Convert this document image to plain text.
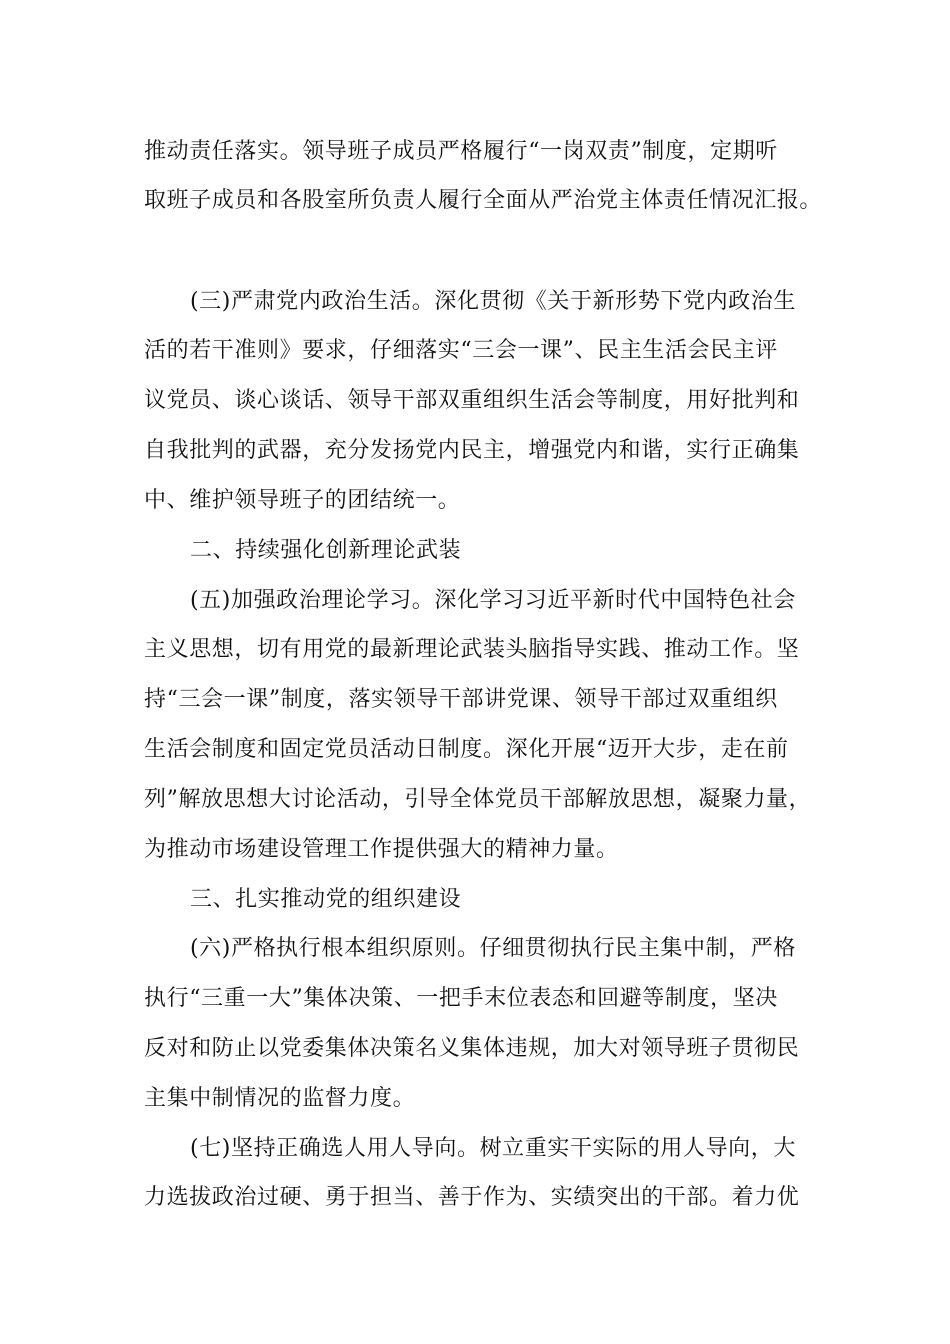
推动责任落实。领导班子成员严格履行“一岗双责”制度，定期听
取班子成员和各股室所负责人履行全面从严治党主体责任情况汇报。
(三)严肃党内政治生活。深化贯彻《关于新形势下党内政治生
活的若干准则》要求，仔细落实“三会一课”、民主生活会民主评
议党员、谈心谈话、领导干部双重组织生活会等制度，用好批判和
自我批判的武器，充分发扬党内民主，增强党内和谐，实行正确集
中、维护领导班子的团结统一。
二、持续强化创新理论武装
(五)加强政治理论学习。深化学习习近平新时代中国特色社会
主义思想，切有用党的最新理论武装头脑指导实践、推动工作。坚
持“三会一课”制度，落实领导干部讲党课、领导干部过双重组织
生活会制度和固定党员活动日制度。深化开展“迈开大步，走在前
列”解放思想大讨论活动，引导全体党员干部解放思想，凝聚力量，
为推动市场建设管理工作提供强大的精神力量。
三、扎实推动党的组织建设
(六)严格执行根本组织原则。仔细贯彻执行民主集中制，严格
执行“三重一大”集体决策、一把手末位表态和回避等制度，坚决
反对和防止以党委集体决策名义集体违规，加大对领导班子贯彻民
主集中制情况的监督力度。
(七)坚持正确选人用人导向。树立重实干实际的用人导向，大
力选拔政治过硬、勇于担当、善于作为、实绩突出的干部。着力优
